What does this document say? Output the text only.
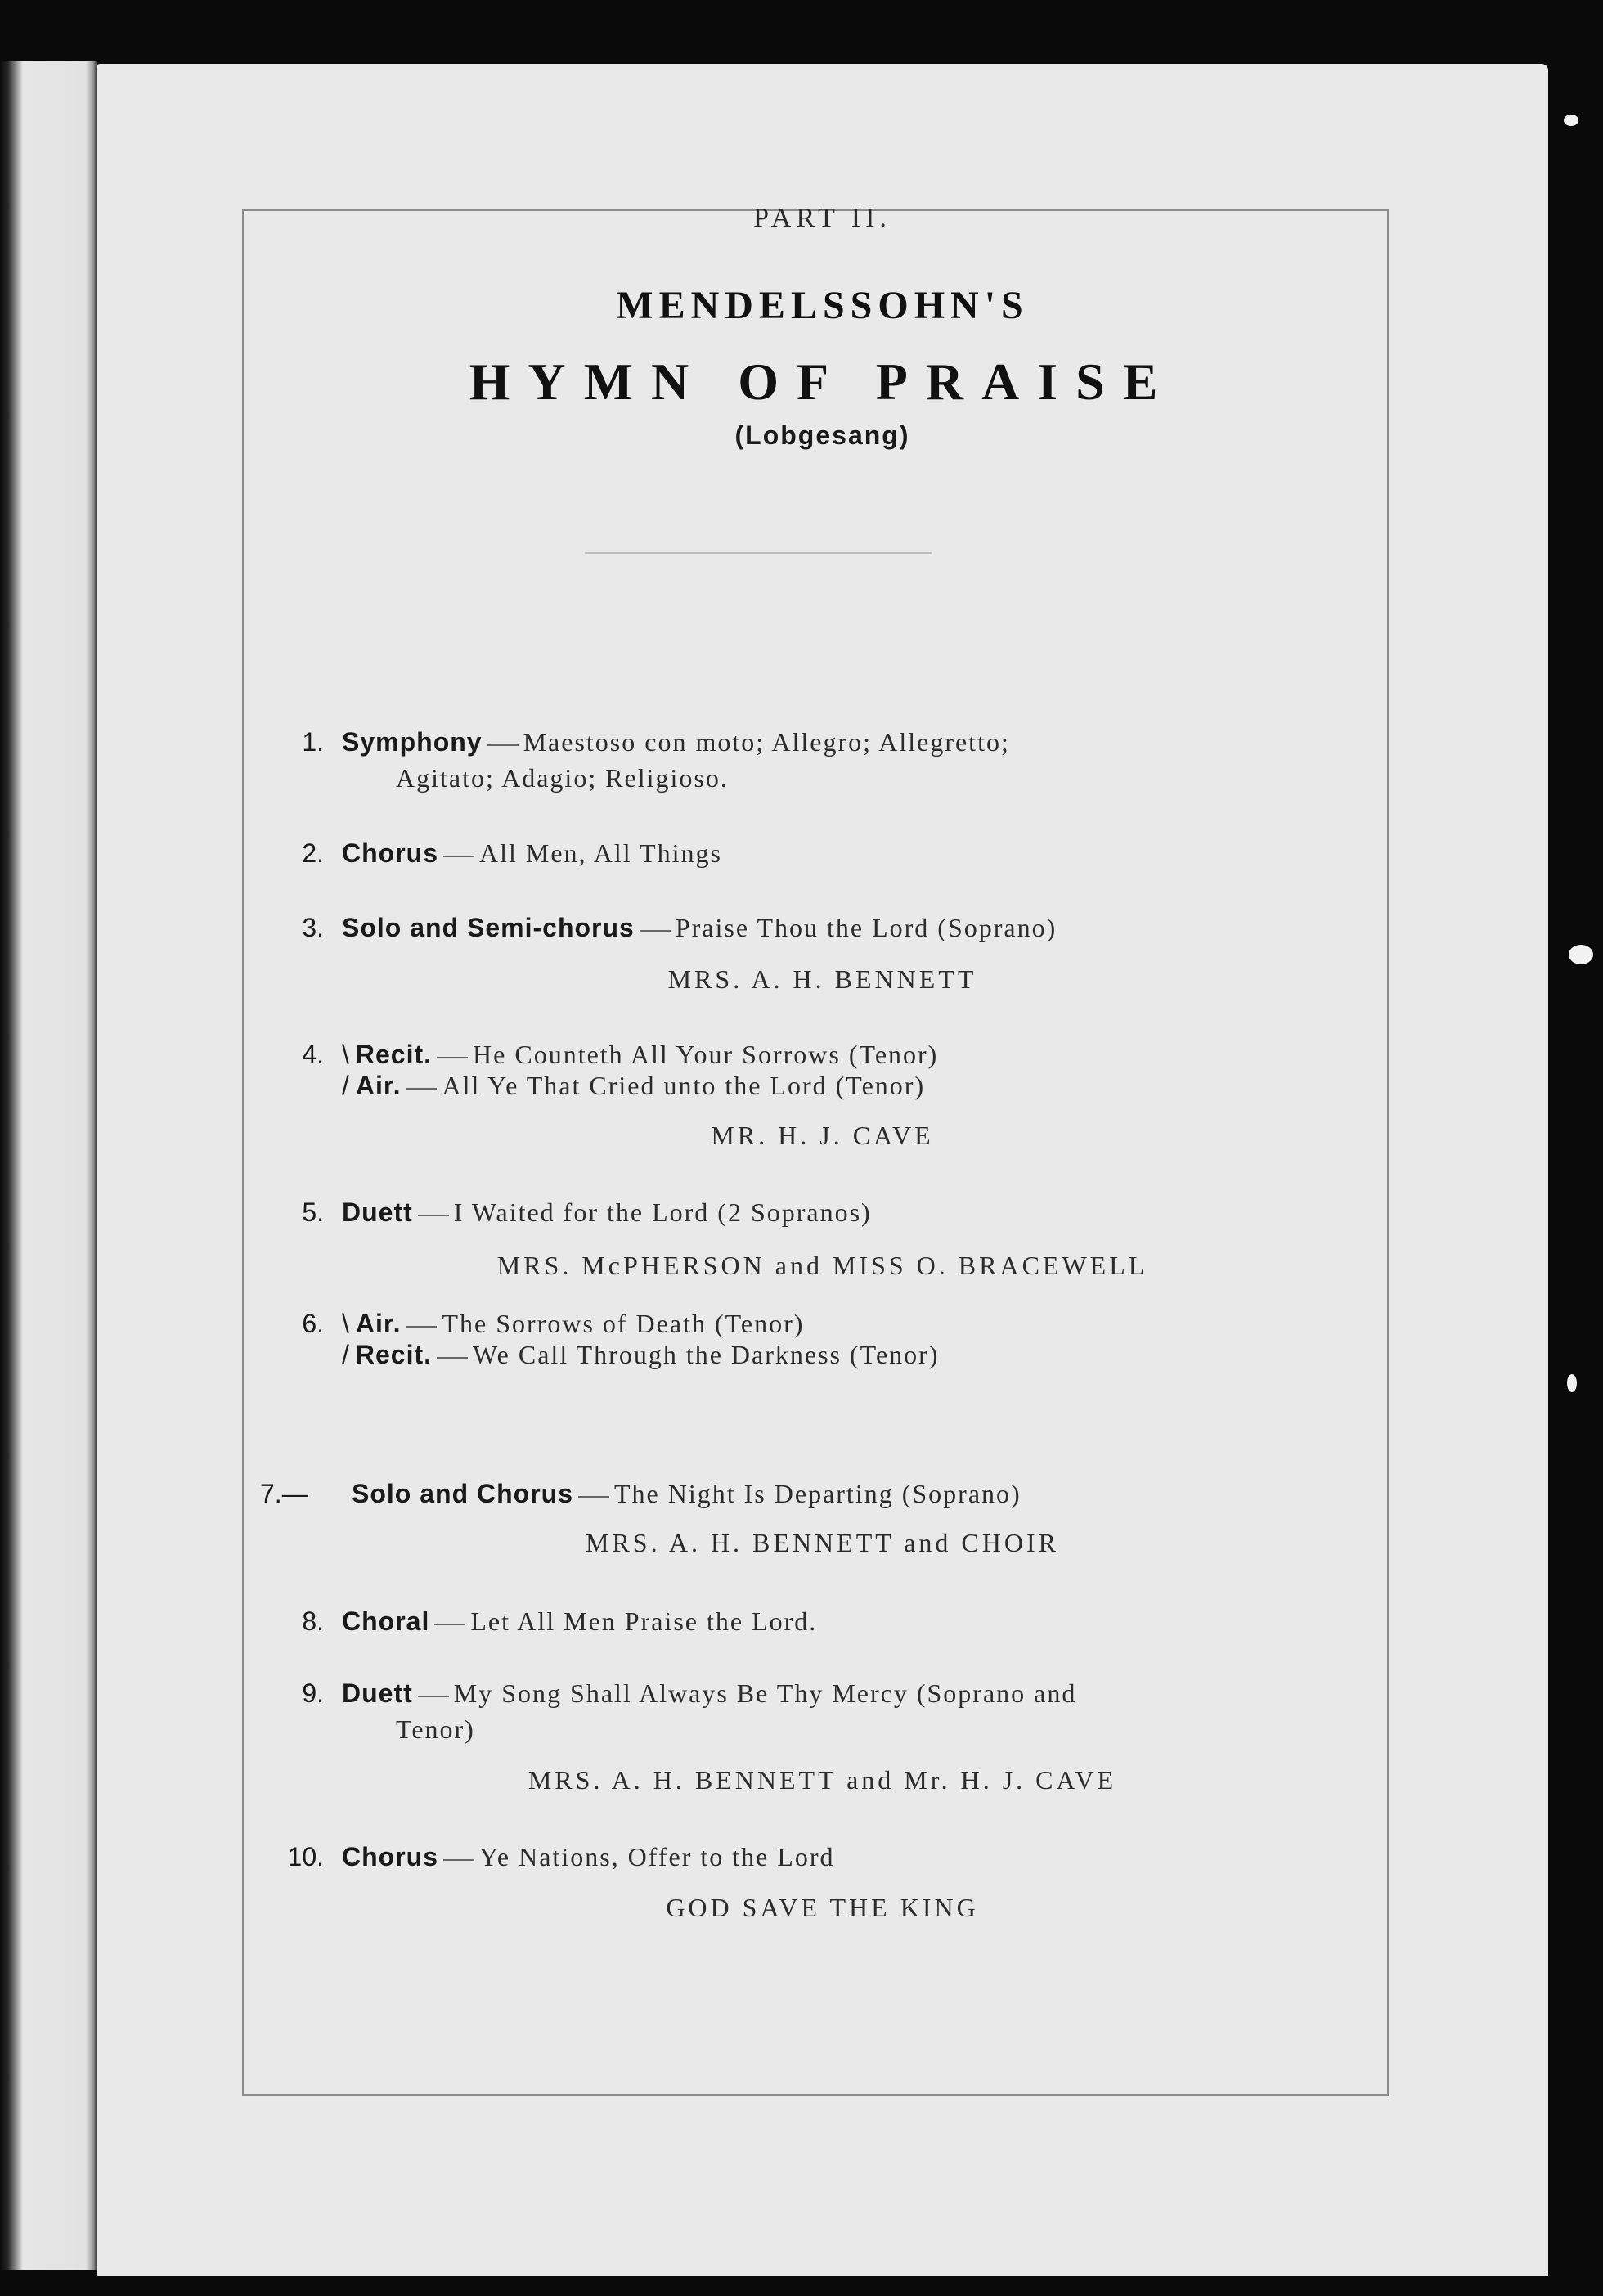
PART II.
MENDELSSOHN'S
HYMN OF PRAISE
(Lobgesang)
1. Symphony Maestoso con moto; Allegro; Allegretto;
Agitato; Adagio; Religioso.
2. Chorus All Men, All Things
3. Solo and Semi-chorus Praise Thou the Lord (Soprano)
MRS. A. H. BENNETT
4. \ Recit. He Counteth All Your Sorrows (Tenor)
/ Air. All Ye That Cried unto the Lord (Tenor)
MR. H. J. CAVE
5. Duett I Waited for the Lord (2 Sopranos)
MRS. McPHERSON and MISS O. BRACEWELL
6. \ Air. The Sorrows of Death (Tenor)
/ Recit. We Call Through the Darkness (Tenor)
7.—	Solo and Chorus The Night Is Departing (Soprano)
MRS. A. H. BENNETT and CHOIR
8. Choral Let All Men Praise the Lord.
9. Duett My Song Shall Always Be Thy Mercy (Soprano and
Tenor)
MRS. A. H. BENNETT and Mr. H. J. CAVE
10. Chorus Ye Nations, Offer to the Lord
GOD SAVE THE KING
